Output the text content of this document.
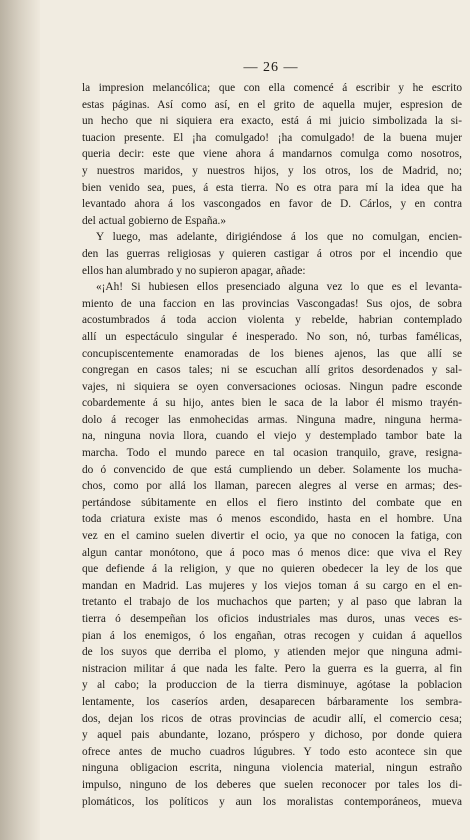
— 26 —
la impresion melancólica; que con ella comencé á escribir y he escrito
estas páginas. Así como así, en el grito de aquella mujer, espresion de
un hecho que ni siquiera era exacto, está á mi juicio simbolizada la si-
tuacion presente. El ¡ha comulgado! ¡ha comulgado! de la buena mujer
queria decir: este que viene ahora á mandarnos comulga como nosotros,
y nuestros maridos, y nuestros hijos, y los otros, los de Madrid, no;
bien venido sea, pues, á esta tierra. No es otra para mí la idea que ha
levantado ahora á los vascongados en favor de D. Cárlos, y en contra
del actual gobierno de España.»
Y luego, mas adelante, dirigiéndose á los que no comulgan, encien-
den las guerras religiosas y quieren castigar á otros por el incendio que
ellos han alumbrado y no supieron apagar, añade:
«¡Ah! Si hubiesen ellos presenciado alguna vez lo que es el levanta-
miento de una faccion en las provincias Vascongadas! Sus ojos, de sobra
acostumbrados á toda accion violenta y rebelde, habrian contemplado
allí un espectáculo singular é inesperado. No son, nó, turbas famélicas,
concupiscentemente enamoradas de los bienes ajenos, las que allí se
congregan en casos tales; ni se escuchan allí gritos desordenados y sal-
vajes, ni siquiera se oyen conversaciones ociosas. Ningun padre esconde
cobardemente á su hijo, antes bien le saca de la labor él mismo trayén-
dolo á recoger las enmohecidas armas. Ninguna madre, ninguna herma-
na, ninguna novia llora, cuando el viejo y destemplado tambor bate la
marcha. Todo el mundo parece en tal ocasion tranquilo, grave, resigna-
do ó convencido de que está cumpliendo un deber. Solamente los mucha-
chos, como por allá los llaman, parecen alegres al verse en armas; des-
pertándose súbitamente en ellos el fiero instinto del combate que en
toda criatura existe mas ó menos escondido, hasta en el hombre. Una
vez en el camino suelen divertir el ocio, ya que no conocen la fatiga, con
algun cantar monótono, que á poco mas ó menos dice: que viva el Rey
que defiende á la religion, y que no quieren obedecer la ley de los que
mandan en Madrid. Las mujeres y los viejos toman á su cargo en el en-
tretanto el trabajo de los muchachos que parten; y al paso que labran la
tierra ó desempeñan los oficios industriales mas duros, unas veces es-
pian á los enemigos, ó los engañan, otras recogen y cuidan á aquellos
de los suyos que derriba el plomo, y atienden mejor que ninguna admi-
nistracion militar á que nada les falte. Pero la guerra es la guerra, al fin
y al cabo; la produccion de la tierra disminuye, agótase la poblacion
lentamente, los caseríos arden, desaparecen bárbaramente los sembra-
dos, dejan los ricos de otras provincias de acudir allí, el comercio cesa;
y aquel pais abundante, lozano, próspero y dichoso, por donde quiera
ofrece antes de mucho cuadros lúgubres. Y todo esto acontece sin que
ninguna obligacion escrita, ninguna violencia material, ningun estraño
impulso, ninguno de los deberes que suelen reconocer por tales los di-
plomáticos, los políticos y aun los moralistas contemporáneos, mueva
